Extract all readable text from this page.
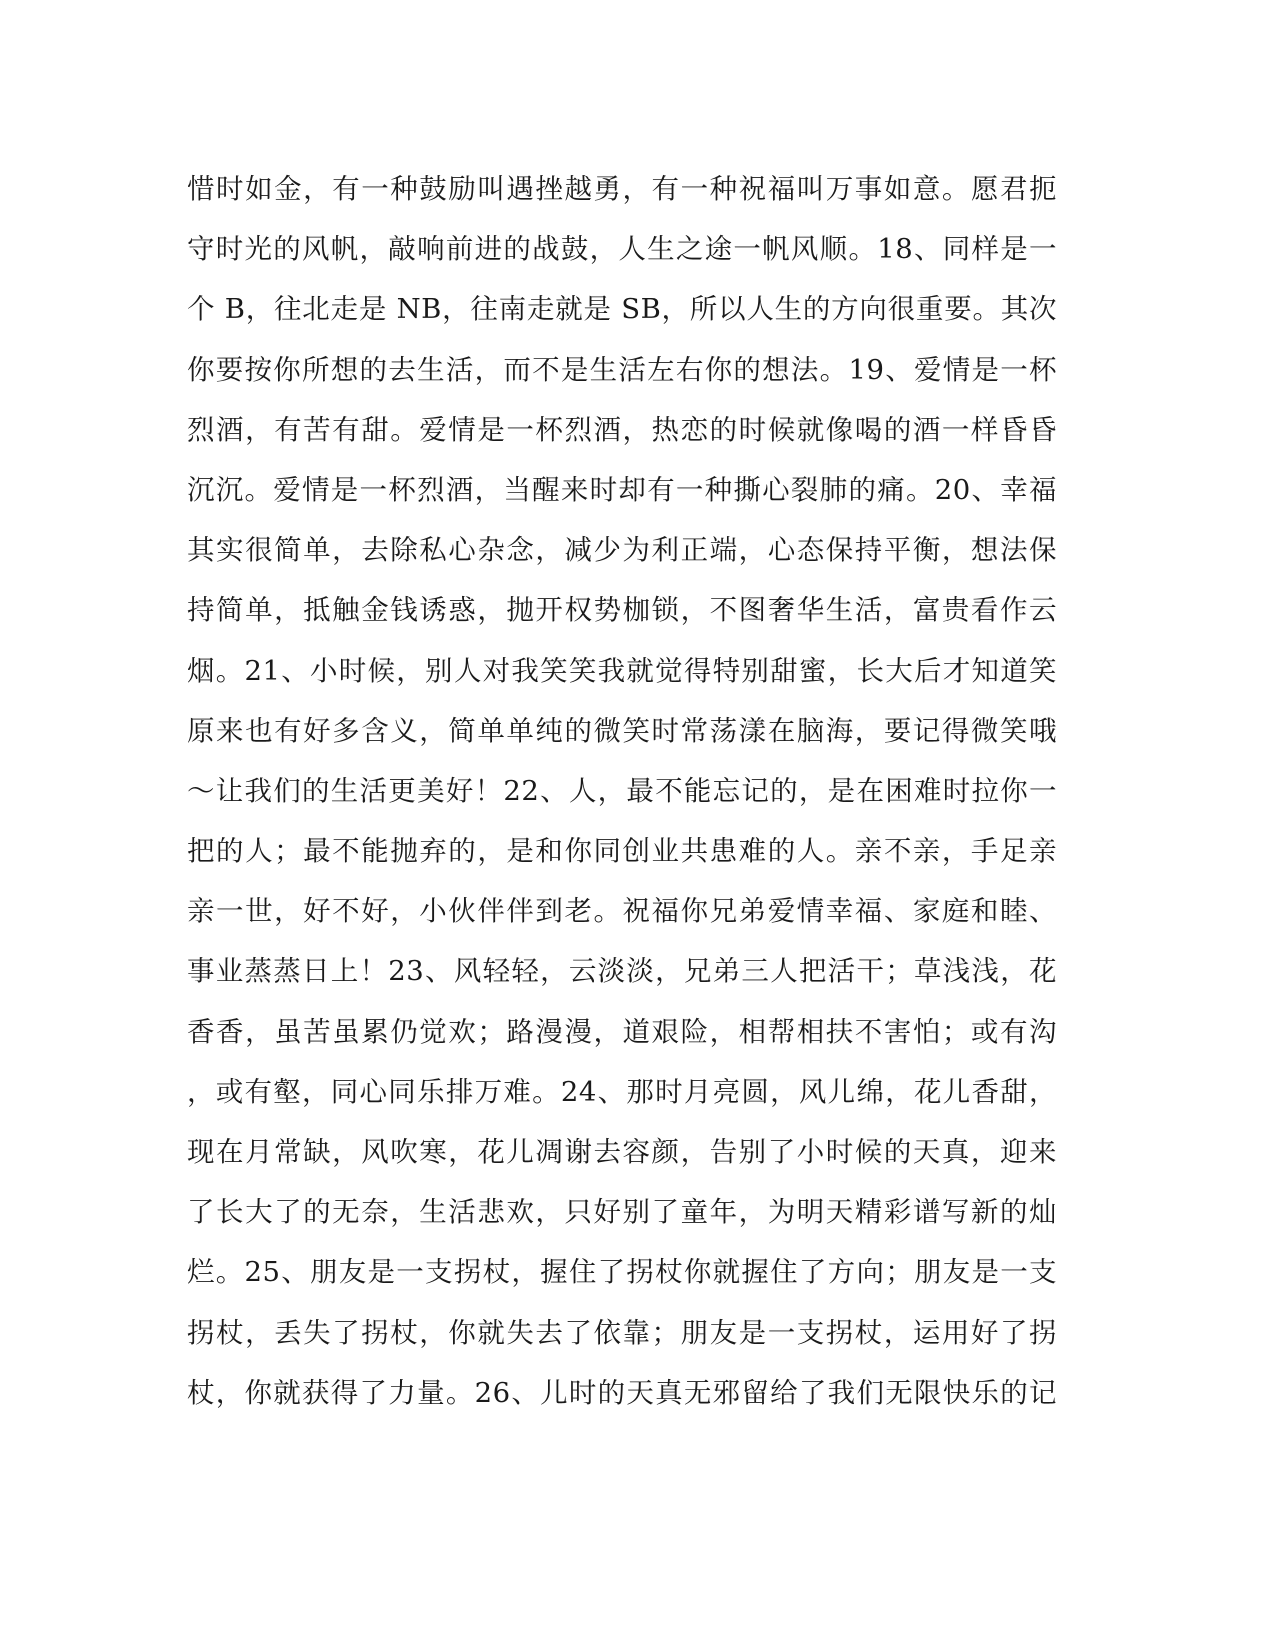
惜时如金，有一种鼓励叫遇挫越勇，有一种祝福叫万事如意。愿君扼
守时光的风帆，敲响前进的战鼓，人生之途一帆风顺。18、同样是一
个 B，往北走是 NB，往南走就是 SB，所以人生的方向很重要。其次
你要按你所想的去生活，而不是生活左右你的想法。19、爱情是一杯
烈酒，有苦有甜。爱情是一杯烈酒，热恋的时候就像喝的酒一样昏昏
沉沉。爱情是一杯烈酒，当醒来时却有一种撕心裂肺的痛。20、幸福
其实很简单，去除私心杂念，减少为利正端，心态保持平衡，想法保
持简单，抵触金钱诱惑，抛开权势枷锁，不图奢华生活，富贵看作云
烟。21、小时候，别人对我笑笑我就觉得特别甜蜜，长大后才知道笑
原来也有好多含义，简单单纯的微笑时常荡漾在脑海，要记得微笑哦
～让我们的生活更美好！22、人，最不能忘记的，是在困难时拉你一
把的人；最不能抛弃的，是和你同创业共患难的人。亲不亲，手足亲
亲一世，好不好，小伙伴伴到老。祝福你兄弟爱情幸福、家庭和睦、
事业蒸蒸日上！23、风轻轻，云淡淡，兄弟三人把活干；草浅浅，花
香香，虽苦虽累仍觉欢；路漫漫，道艰险，相帮相扶不害怕；或有沟
，或有壑，同心同乐排万难。24、那时月亮圆，风儿绵，花儿香甜，
现在月常缺，风吹寒，花儿凋谢去容颜，告别了小时候的天真，迎来
了长大了的无奈，生活悲欢，只好别了童年，为明天精彩谱写新的灿
烂。25、朋友是一支拐杖，握住了拐杖你就握住了方向；朋友是一支
拐杖，丢失了拐杖，你就失去了依靠；朋友是一支拐杖，运用好了拐
杖，你就获得了力量。26、儿时的天真无邪留给了我们无限快乐的记
